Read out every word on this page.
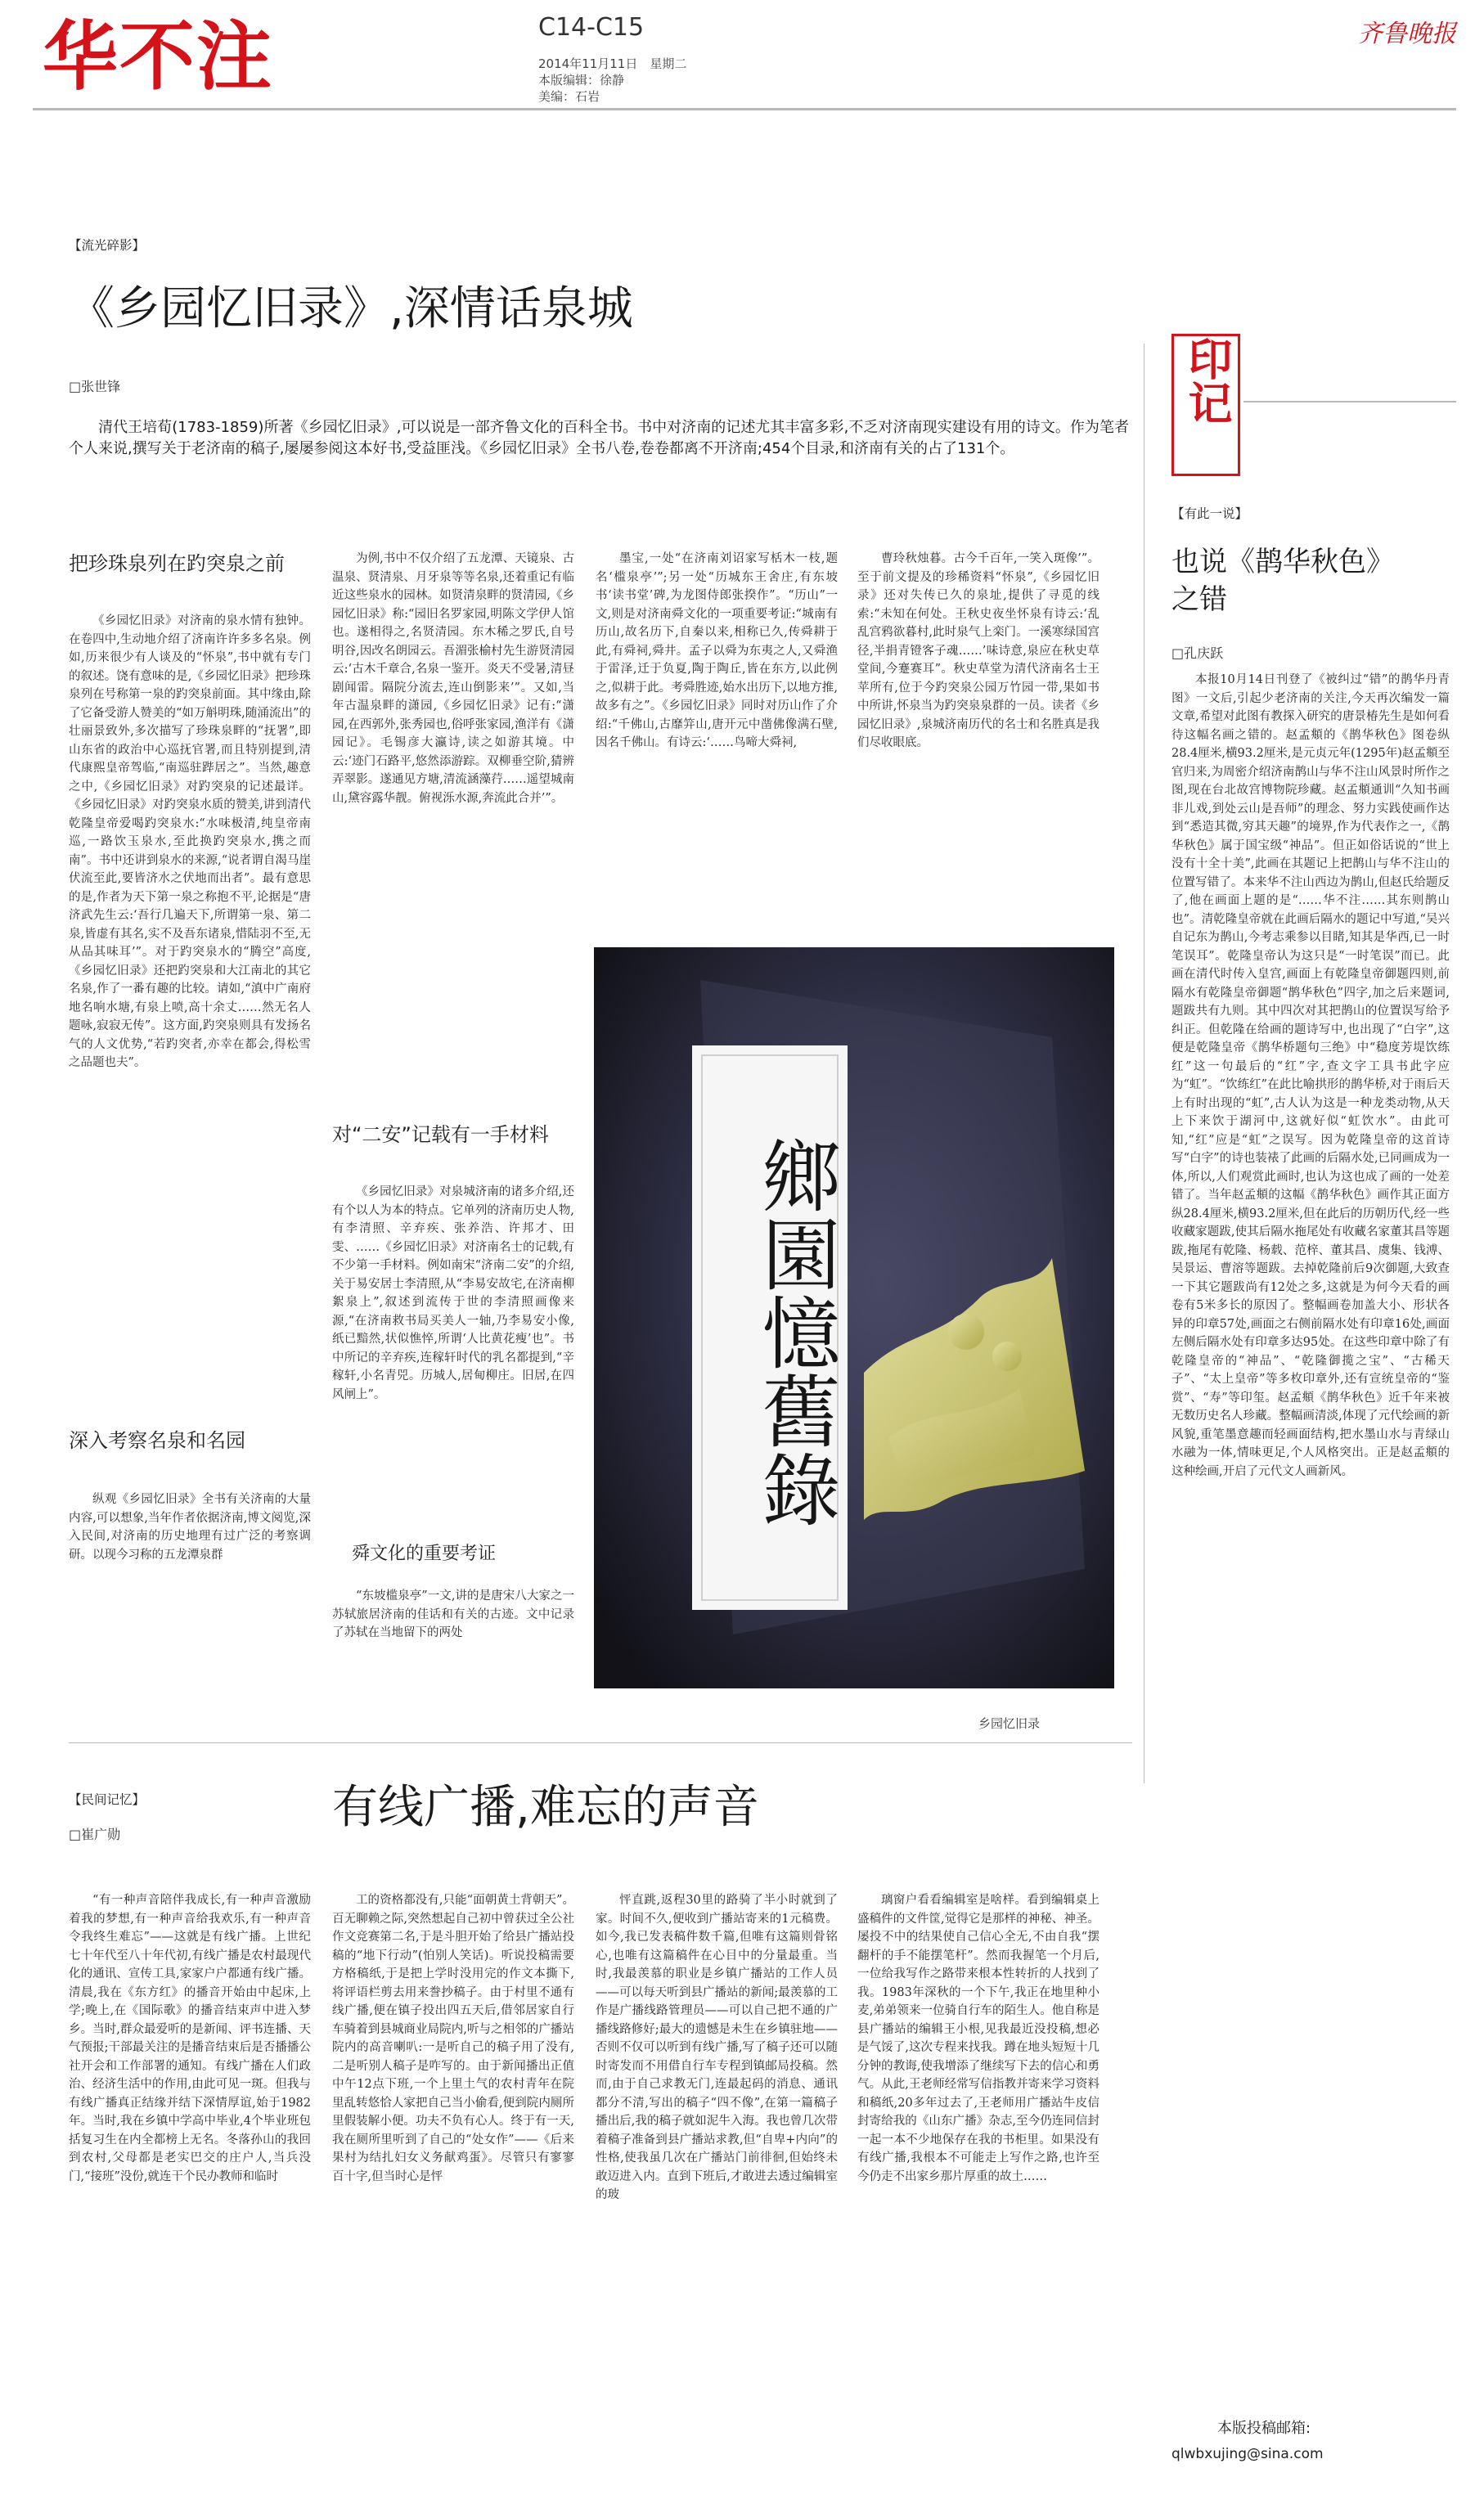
华不注	C14-C15
2014年11月11日　星期二
本版编辑：徐静
美编：石岩
齐鲁晚报
【流光碎影】
《乡园忆旧录》,深情话泉城
□张世锋
　　清代王培荀(1783-1859)所著《乡园忆旧录》,可以说是一部齐鲁文化的百科全书。书中对济南的记述尤其丰富多彩,不乏对济南现实建设有用的诗文。作为笔者个人来说,撰写关于老济南的稿子,屡屡参阅这本好书,受益匪浅。《乡园忆旧录》全书八卷,卷卷都离不开济南;454个目录,和济南有关的占了131个。
把珍珠泉列在趵突泉之前

《乡园忆旧录》对济南的泉水情有独钟。在卷四中,生动地介绍了济南许许多多名泉。例如,历来很少有人谈及的“怀泉”,书中就有专门的叙述。饶有意味的是,《乡园忆旧录》把珍珠泉列在号称第一泉的趵突泉前面。其中缘由,除了它备受游人赞美的“如万斛明珠,随涌流出”的壮丽景致外,多次描写了珍珠泉畔的“抚署”,即山东省的政治中心巡抚官署,而且特别提到,清代康熙皇帝驾临,“南巡驻跸居之”。当然,趣意之中,《乡园忆旧录》对趵突泉的记述最详。《乡园忆旧录》对趵突泉水质的赞美,讲到清代乾隆皇帝爱喝趵突泉水:“水味极清,纯皇帝南巡,一路饮玉泉水,至此换趵突泉水,携之而南”。书中还讲到泉水的来源,“说者谓自渴马崖伏流至此,要皆济水之伏地而出者”。最有意思的是,作者为天下第一泉之称抱不平,论据是“唐济武先生云:‘吾行几遍天下,所谓第一泉、第二泉,皆虚有其名,实不及吾东诸泉,惜陆羽不至,无从品其味耳’”。对于趵突泉水的“腾空”高度,《乡园忆旧录》还把趵突泉和大江南北的其它名泉,作了一番有趣的比较。请如,“滇中广南府地名响水塘,有泉上喷,高十余丈……然无名人题咏,寂寂无传”。这方面,趵突泉则具有发扬名气的人文优势,“若趵突者,亦幸在都会,得松雪之品题也夫”。

深入考察名泉和名园

纵观《乡园忆旧录》全书有关济南的大量内容,可以想象,当年作者依据济南,博文阅览,深入民间,对济南的历史地理有过广泛的考察调研。以现今习称的五龙潭泉群

为例,书中不仅介绍了五龙潭、天镜泉、古温泉、贤清泉、月牙泉等等名泉,还着重记有临近这些泉水的园林。如贤清泉畔的贤清园,《乡园忆旧录》称:“园旧名罗家园,明陈文学伊人馆也。遂相得之,名贤清园。东木稀之罗氏,自号明谷,因改名朗园云。吾湄张榆村先生游贤清园云:‘古木千章合,名泉一鉴开。炎天不受暑,清昼剧闻雷。隔院分流去,连山倒影来’”。又如,当年古温泉畔的潇园,《乡园忆旧录》记有:“潇园,在西郭外,张秀园也,俗呼张家园,渔洋有《潇园记》。毛锡彦大瀛诗,读之如游其境。中云:‘迹门石路平,悠然添游踪。双柳垂空阶,猜辨弄翠影。遂通见方塘,清流涵藻荇……遥望城南山,黛容露华靓。俯视泺水源,奔流此合并’”。

对“二安”记载有一手材料

《乡园忆旧录》对泉城济南的诸多介绍,还有个以人为本的特点。它单列的济南历史人物,有李清照、辛弃疾、张养浩、许邦才、田雯、……《乡园忆旧录》对济南名士的记载,有不少第一手材料。例如南宋“济南二安”的介绍,关于易安居士李清照,从“李易安故宅,在济南柳絮泉上”,叙述到流传于世的李清照画像来源,“在济南救书局买美人一轴,乃李易安小像,纸已黯然,状似憔悴,所谓‘人比黄花瘦’也”。书中所记的辛弃疾,连稼轩时代的乳名都提到,“辛稼轩,小名青兕。历城人,居甸柳庄。旧居,在四风闸上”。

舜文化的重要考证

“东坡槛泉亭”一文,讲的是唐宋八大家之一苏轼旅居济南的佳话和有关的古迹。文中记录了苏轼在当地留下的两处

墨宝,一处“在济南刘诏家写栝木一枝,题名‘槛泉亭’”;另一处“历城东王舍庄,有东坡书‘读书堂’碑,为龙图侍郎张揆作”。“历山”一文,则是对济南舜文化的一项重要考证:“城南有历山,故名历下,自秦以来,相称已久,传舜耕于此,有舜祠,舜井。孟子以舜为东夷之人,又舜渔于雷泽,迁于负夏,陶于陶丘,皆在东方,以此例之,似耕于此。考舜胜迹,始水出历下,以地方推,故多有之”。《乡园忆旧录》同时对历山作了介绍:“千佛山,古靡笄山,唐开元中凿佛像满石壁,因名千佛山。有诗云:‘……鸟啼大舜祠,

曹玲秋烛暮。古今千百年,一笑入斑像’”。至于前文提及的珍稀资料“怀泉”,《乡园忆旧录》还对失传已久的泉址,提供了寻觅的线索:“未知在何处。王秋史夜坐怀泉有诗云:‘乱乱宫鸦欲暮村,此时泉气上栾门。一溪寒绿国宫径,半捐青镫客子魂……’味诗意,泉应在秋史草堂间,今蹇赛耳”。秋史草堂为清代济南名士王苹所有,位于今趵突泉公园万竹园一带,果如书中所讲,怀泉当为趵突泉泉群的一员。读者《乡园忆旧录》,泉城济南历代的名士和名胜真是我们尽收眼底。

鄉園憶舊錄
乡园忆旧录
印记
【有此一说】
也说《鹊华秋色》
之错
□孔庆跃

本报10月14日刊登了《被纠过“错”的鹊华丹青图》一文后,引起少老济南的关注,今天再次编发一篇文章,希望对此图有教探入研究的唐景椿先生是如何看待这幅名画之错的。赵孟頫的《鹊华秋色》图卷纵28.4厘米,横93.2厘米,是元贞元年(1295年)赵孟頫至官归来,为周密介绍济南鹊山与华不注山风景时所作之图,现在台北故宫博物院珍藏。赵孟頫通训“久知书画非儿戏,到处云山是吾师”的理念、努力实践使画作达到“悉造其微,穷其天趣”的境界,作为代表作之一,《鹊华秋色》属于国宝级“神品”。但正如俗话说的“世上没有十全十美”,此画在其题记上把鹊山与华不注山的位置写错了。本来华不注山西边为鹊山,但赵氏给题反了,他在画面上题的是“……华不注……其东则鹊山也”。清乾隆皇帝就在此画后隔水的题记中写道,“吴兴自记东为鹊山,今考志乘参以目睹,知其是华西,已一时笔误耳”。乾隆皇帝认为这只是“一时笔误”而已。此画在清代时传入皇宫,画面上有乾隆皇帝御题四则,前隔水有乾隆皇帝御题“鹊华秋色”四字,加之后来题词,题跋共有九则。其中四次对其把鹊山的位置误写给予纠正。但乾隆在给画的题诗写中,也出现了“白字”,这便是乾隆皇帝《鹊华桥题句三绝》中“稳度芳堤饮练红”这一句最后的“红”字,查文字工具书此字应为“虹”。“饮练红”在此比喻拱形的鹊华桥,对于雨后天上有时出现的“虹”,古人认为这是一种龙类动物,从天上下来饮于湖河中,这就好似“虹饮水”。由此可知,“红”应是“虹”之误写。因为乾隆皇帝的这首诗写“白字”的诗也装裱了此画的后隔水处,已同画成为一体,所以,人们观赏此画时,也认为这也成了画的一处差错了。当年赵孟頫的这幅《鹊华秋色》画作其正面方纵28.4厘米,横93.2厘米,但在此后的历朝历代,经一些收藏家题跋,使其后隔水拖尾处有收藏名家董其昌等题跋,拖尾有乾隆、杨载、范梓、董其昌、虞集、钱溥、吴景运、曹溶等题跋。去掉乾隆前后9次御题,大致查一下其它题跋尚有12处之多,这就是为何今天看的画卷有5米多长的原因了。整幅画卷加盖大小、形状各异的印章57处,画面之右侧前隔水处有印章16处,画面左侧后隔水处有印章多达95处。在这些印章中除了有乾隆皇帝的“神品”、“乾隆御揽之宝”、“古稀天子”、“太上皇帝”等多枚印章外,还有宣统皇帝的“鉴赏”、“寿”等印玺。赵孟頫《鹊华秋色》近千年来被无数历史名人珍藏。整幅画清淡,体现了元代绘画的新风貌,重笔墨意趣而轻画面结构,把水墨山水与青绿山水融为一体,情味更足,个人风格突出。正是赵孟頫的这种绘画,开启了元代文人画新风。

【民间记忆】	有线广播,难忘的声音
□崔广勋

“有一种声音陪伴我成长,有一种声音激励着我的梦想,有一种声音给我欢乐,有一种声音令我终生难忘”——这就是有线广播。上世纪七十年代至八十年代初,有线广播是农村最现代化的通讯、宣传工具,家家户户都通有线广播。清晨,我在《东方红》的播音开始由中起床,上学;晚上,在《国际歌》的播音结束声中进入梦乡。当时,群众最爱听的是新闻、评书连播、天气预报;干部最关注的是播音结束后是否播播公社开会和工作部署的通知。有线广播在人们政治、经济生活中的作用,由此可见一斑。但我与有线广播真正结缘并结下深情厚谊,始于1982年。当时,我在乡镇中学高中毕业,4个毕业班包括复习生在内全都榜上无名。冬落孙山的我回到农村,父母都是老实巴交的庄户人,当兵没门,“接班”没份,就连干个民办教师和临时

工的资格都没有,只能“面朝黄土背朝天”。百无聊赖之际,突然想起自己初中曾获过全公社作文竞赛第二名,于是斗胆开始了给县广播站投稿的“地下行动”(怕别人笑话)。听说投稿需要方格稿纸,于是把上学时没用完的作文本撕下,将评语栏剪去用来誊抄稿子。由于村里不通有线广播,便在镇子投出四五天后,借邻居家自行车骑着到县城商业局院内,听与之相邻的广播站院内的高音喇叭:一是听自己的稿子用了没有,二是听别人稿子是咋写的。由于新闻播出正值中午12点下班,一个上里土气的农村青年在院里乱转悠恰人家把自己当小偷看,便到院内厕所里假装解小便。功夫不负有心人。终于有一天,我在厕所里听到了自己的“处女作”——《后来果村为结扎妇女义务献鸡蛋》。尽管只有寥寥百十字,但当时心是怦

怦直跳,返程30里的路骑了半小时就到了家。时间不久,便收到广播站寄来的1元稿费。如今,我已发表稿件数千篇,但唯有这篇则骨铭心,也唯有这篇稿件在心目中的分量最重。当时,我最羡慕的职业是乡镇广播站的工作人员——可以每天听到县广播站的新闻;最羡慕的工作是广播线路管理员——可以自己把不通的广播线路修好;最大的遗憾是未生在乡镇驻地——否则不仅可以听到有线广播,写了稿子还可以随时寄发而不用借自行车专程到镇邮局投稿。然而,由于自己求教无门,连最起码的消息、通讯都分不清,写出的稿子“四不像”,在第一篇稿子播出后,我的稿子就如泥牛入海。我也曾几次带着稿子准备到县广播站求教,但“自卑+内向”的性格,使我虽几次在广播站门前徘徊,但始终未敢迈进入内。直到下班后,才敢进去透过编辑室的玻

璃窗户看看编辑室是啥样。看到编辑桌上盛稿件的文件筐,觉得它是那样的神秘、神圣。屡投不中的结果使自己信心全无,不由自我“摆翻杆的手不能摆笔杆”。然而我握笔一个月后,一位给我写作之路带来根本性转折的人找到了我。1983年深秋的一个下午,我正在地里种小麦,弟弟领来一位骑自行车的陌生人。他自称是县广播站的编辑王小根,见我最近没投稿,想必是气馁了,这次专程来找我。蹲在地头短短十几分钟的教诲,使我增添了继续写下去的信心和勇气。从此,王老师经常写信指教并寄来学习资料和稿纸,20多年过去了,王老师用广播站牛皮信封寄给我的《山东广播》杂志,至今仍连同信封一起一本不少地保存在我的书柜里。如果没有有线广播,我根本不可能走上写作之路,也许至今仍走不出家乡那片厚重的故土……

本版投稿邮箱:
qlwbxujing@sina.com
